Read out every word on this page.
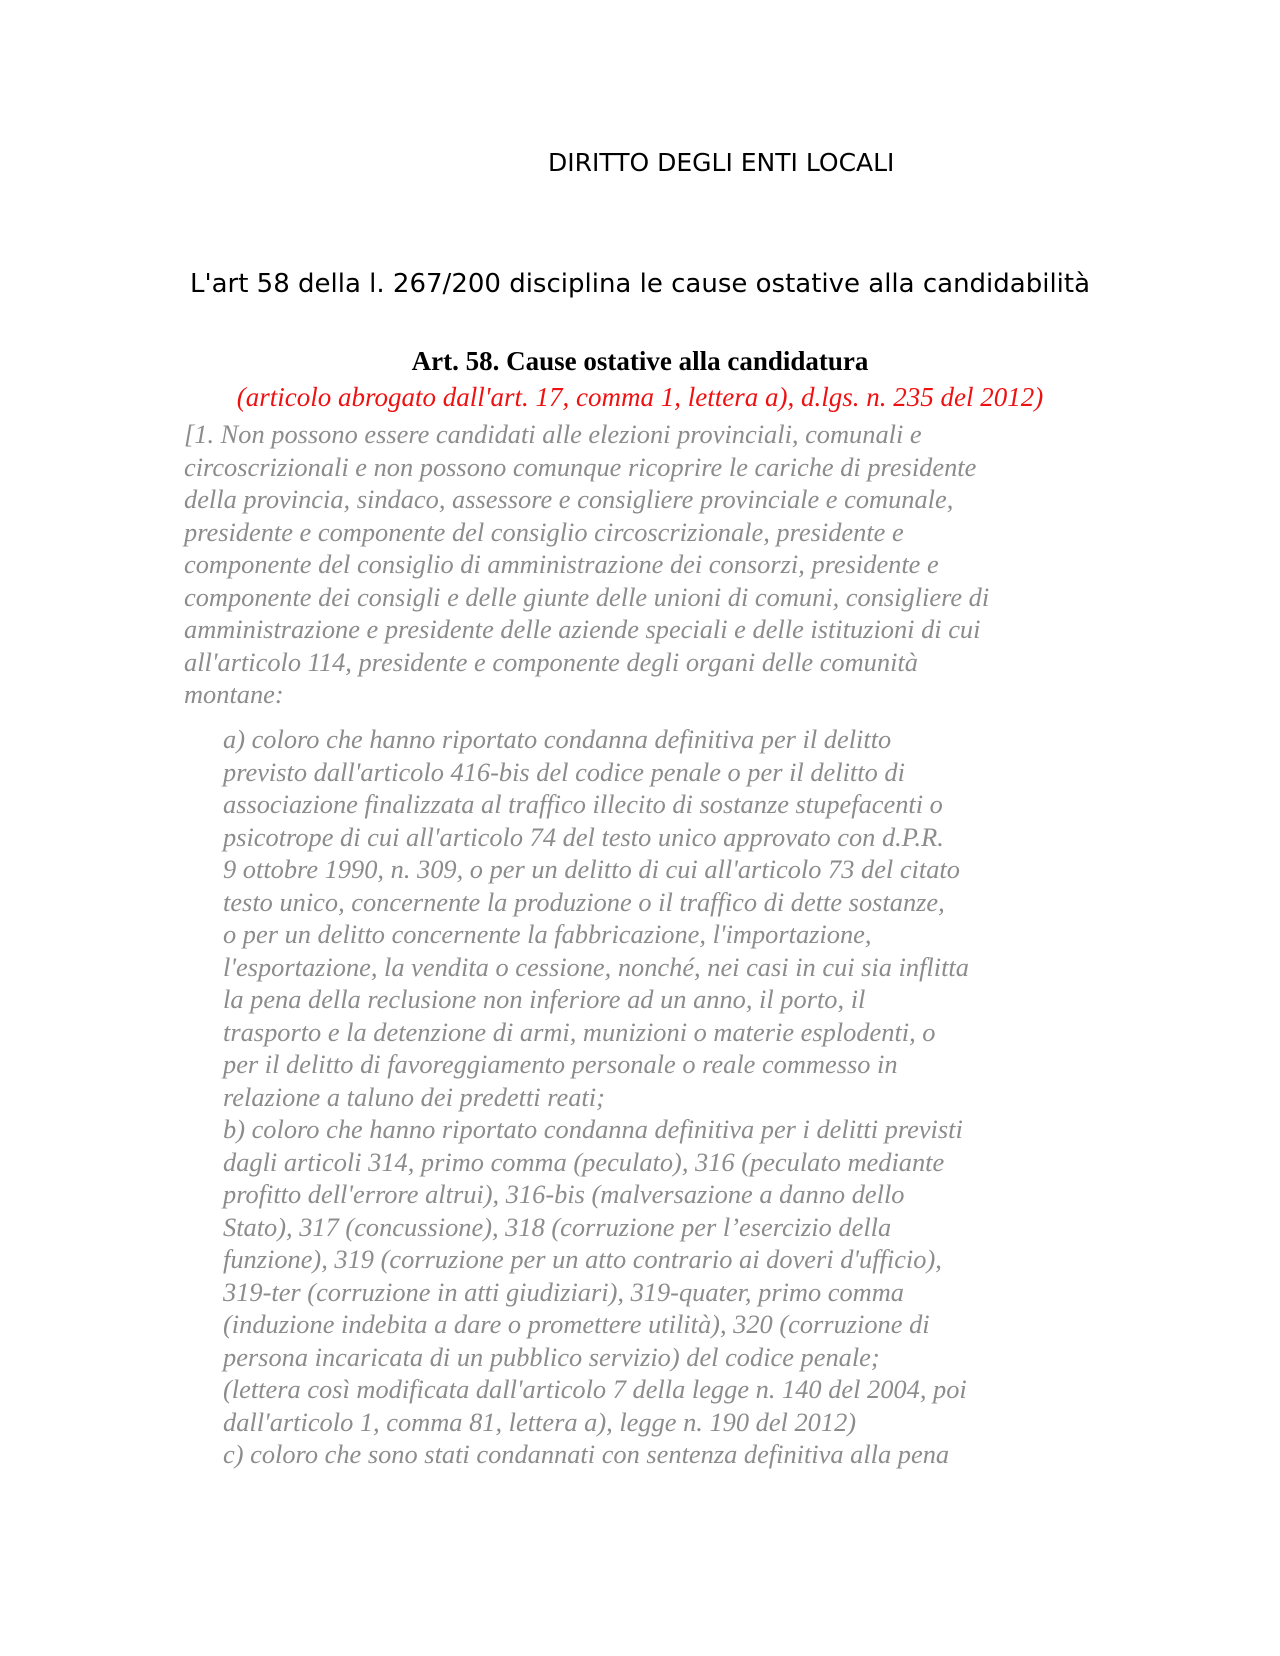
DIRITTO DEGLI ENTI LOCALI
L'art 58 della l. 267/200 disciplina le cause ostative alla candidabilità
Art. 58. Cause ostative alla candidatura

(articolo abrogato dall'art. 17, comma 1, lettera a), d.lgs. n. 235 del 2012)

[1. Non possono essere candidati alle elezioni provinciali, comunali e
circoscrizionali e non possono comunque ricoprire le cariche di presidente
della provincia, sindaco, assessore e consigliere provinciale e comunale,
presidente e componente del consiglio circoscrizionale, presidente e
componente del consiglio di amministrazione dei consorzi, presidente e
componente dei consigli e delle giunte delle unioni di comuni, consigliere di
amministrazione e presidente delle aziende speciali e delle istituzioni di cui
all'articolo 114, presidente e componente degli organi delle comunità
montane:
a) coloro che hanno riportato condanna definitiva per il delitto
previsto dall'articolo 416-bis del codice penale o per il delitto di
associazione finalizzata al traffico illecito di sostanze stupefacenti o
psicotrope di cui all'articolo 74 del testo unico approvato con d.P.R.
9 ottobre 1990, n. 309, o per un delitto di cui all'articolo 73 del citato
testo unico, concernente la produzione o il traffico di dette sostanze,
o per un delitto concernente la fabbricazione, l'importazione,
l'esportazione, la vendita o cessione, nonché, nei casi in cui sia inflitta
la pena della reclusione non inferiore ad un anno, il porto, il
trasporto e la detenzione di armi, munizioni o materie esplodenti, o
per il delitto di favoreggiamento personale o reale commesso in
relazione a taluno dei predetti reati;
b) coloro che hanno riportato condanna definitiva per i delitti previsti
dagli articoli 314, primo comma (peculato), 316 (peculato mediante
profitto dell'errore altrui), 316-bis (malversazione a danno dello
Stato), 317 (concussione), 318 (corruzione per l’esercizio della
funzione), 319 (corruzione per un atto contrario ai doveri d'ufficio),
319-ter (corruzione in atti giudiziari), 319-quater, primo comma
(induzione indebita a dare o promettere utilità), 320 (corruzione di
persona incaricata di un pubblico servizio) del codice penale;
(lettera così modificata dall'articolo 7 della legge n. 140 del 2004, poi
dall'articolo 1, comma 81, lettera a), legge n. 190 del 2012)
c) coloro che sono stati condannati con sentenza definitiva alla pena
